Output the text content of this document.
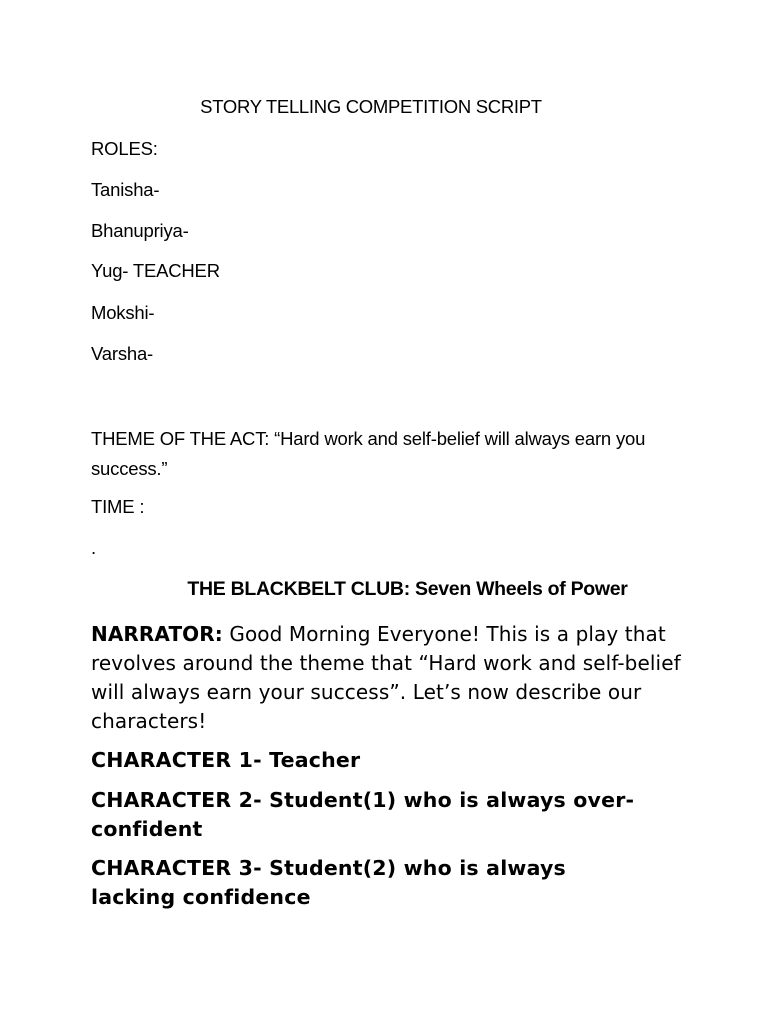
STORY TELLING COMPETITION SCRIPT
ROLES:
Tanisha-
Bhanupriya-
Yug- TEACHER
Mokshi-
Varsha-
THEME OF THE ACT: “Hard work and self-belief will always earn you success.”
TIME :
.
THE BLACKBELT CLUB: Seven Wheels of Power
NARRATOR: Good Morning Everyone! This is a play that revolves around the theme that “Hard work and self-belief will always earn your success”. Let’s now describe our characters!
CHARACTER 1- Teacher
CHARACTER 2- Student(1) who is always over-confident
CHARACTER 3- Student(2) who is always lacking confidence
